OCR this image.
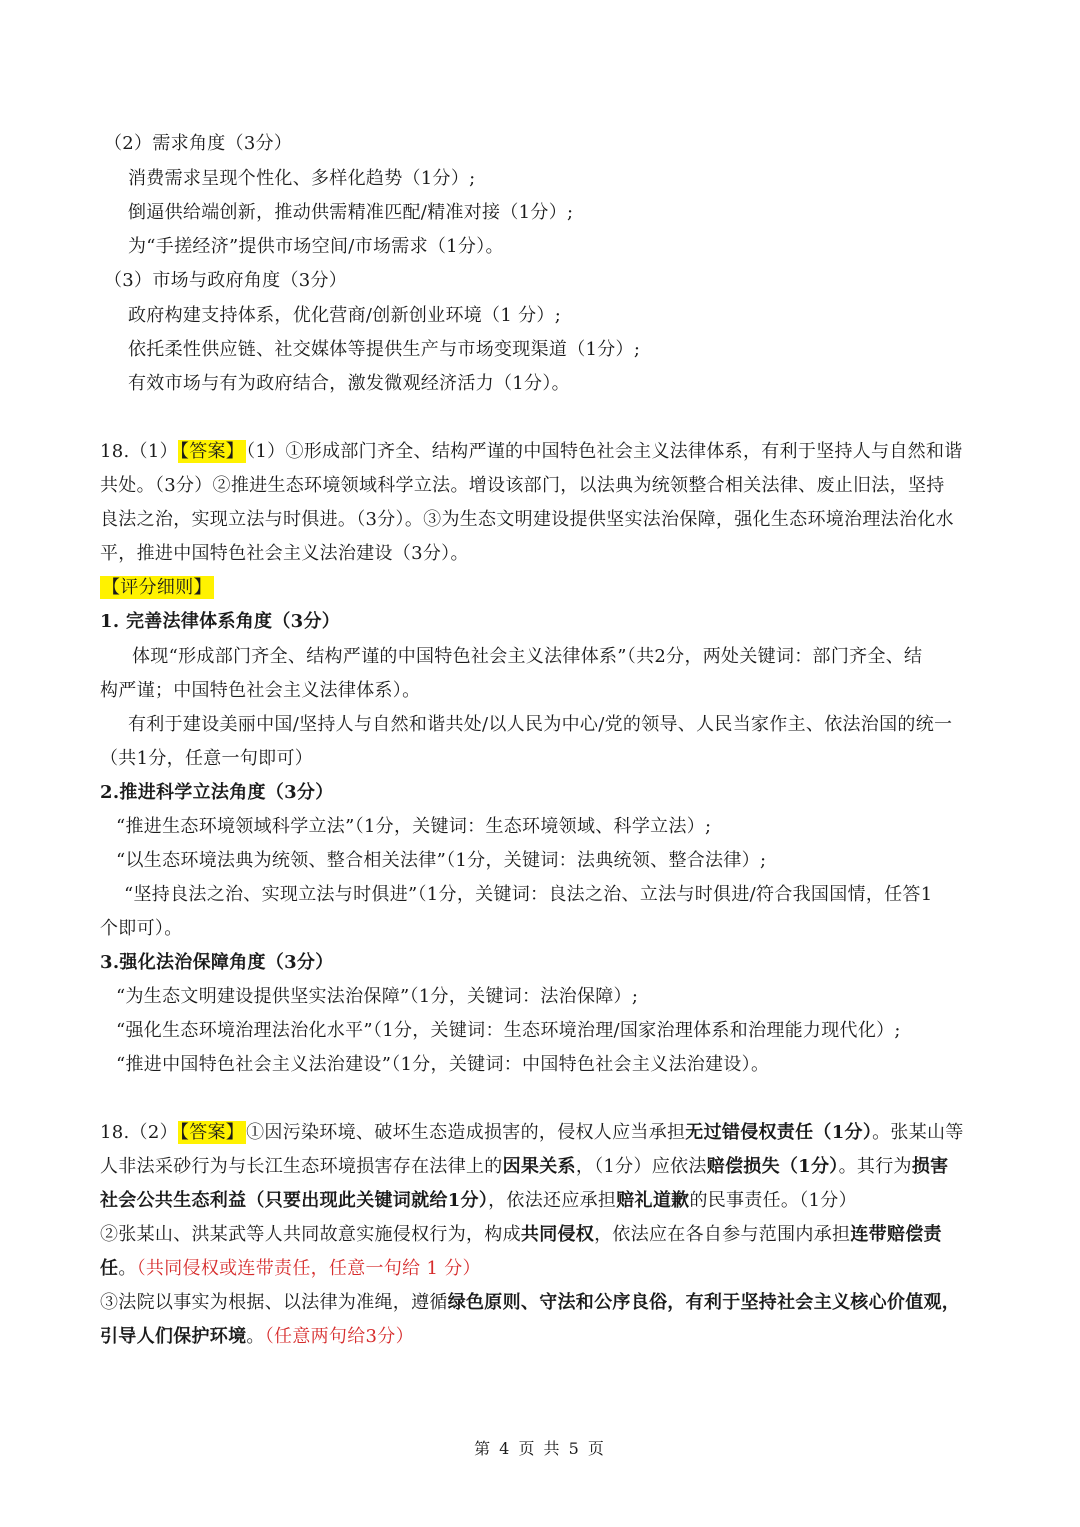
（2）需求角度（3分）
消费需求呈现个性化、多样化趋势（1分）;
倒逼供给端创新，推动供需精准匹配/精准对接（1分）;
为“手搓经济”提供市场空间/市场需求（1分）。
（3）市场与政府角度（3分）
政府构建支持体系，优化营商/创新创业环境（1 分）;
依托柔性供应链、社交媒体等提供生产与市场变现渠道（1分）;
有效市场与有为政府结合，激发微观经济活力（1分）。
18.（1） 【答案】 （1）①形成部门齐全、结构严谨的中国特色社会主义法律体系，有利于坚持人与自然和谐
共处。（3分）②推进生态环境领域科学立法。增设该部门，以法典为统领整合相关法律、废止旧法，坚持
良法之治，实现立法与时俱进。（3分）。③为生态文明建设提供坚实法治保障，强化生态环境治理法治化水
平，推进中国特色社会主义法治建设（3分）。
【评分细则】
1. 完善法律体系角度（3分）
体现“形成部门齐全、结构严谨的中国特色社会主义法律体系”（共2分，两处关键词：部门齐全、结
构严谨；中国特色社会主义法律体系）。
有利于建设美丽中国/坚持人与自然和谐共处/以人民为中心/党的领导、人民当家作主、依法治国的统一
（共1分，任意一句即可）
2.推进科学立法角度（3分）
“推进生态环境领域科学立法”（1分，关键词：生态环境领域、科学立法）;
“以生态环境法典为统领、整合相关法律”（1分，关键词：法典统领、整合法律）;
“坚持良法之治、实现立法与时俱进”（1分，关键词：良法之治、立法与时俱进/符合我国国情，任答1
个即可）。
3.强化法治保障角度（3分）
“为生态文明建设提供坚实法治保障”（1分，关键词：法治保障）;
“强化生态环境治理法治化水平”（1分，关键词：生态环境治理/国家治理体系和治理能力现代化）;
“推进中国特色社会主义法治建设”（1分，关键词：中国特色社会主义法治建设）。
18.（2） 【答案】 ①因污染环境、破坏生态造成损害的，侵权人应当承担无过错侵权责任（1分）。张某山等
人非法采砂行为与长江生态环境损害存在法律上的因果关系，（1分）应依法赔偿损失（1分）。其行为损害
社会公共生态利益（只要出现此关键词就给1分），依法还应承担赔礼道歉的民事责任。（1分）
②张某山、洪某武等人共同故意实施侵权行为，构成共同侵权，依法应在各自参与范围内承担连带赔偿责
任。（共同侵权或连带责任，任意一句给 1 分）
③法院以事实为根据、以法律为准绳，遵循绿色原则、守法和公序良俗，有利于坚持社会主义核心价值观，
引导人们保护环境。（任意两句给3分）
第 4 页 共 5 页
